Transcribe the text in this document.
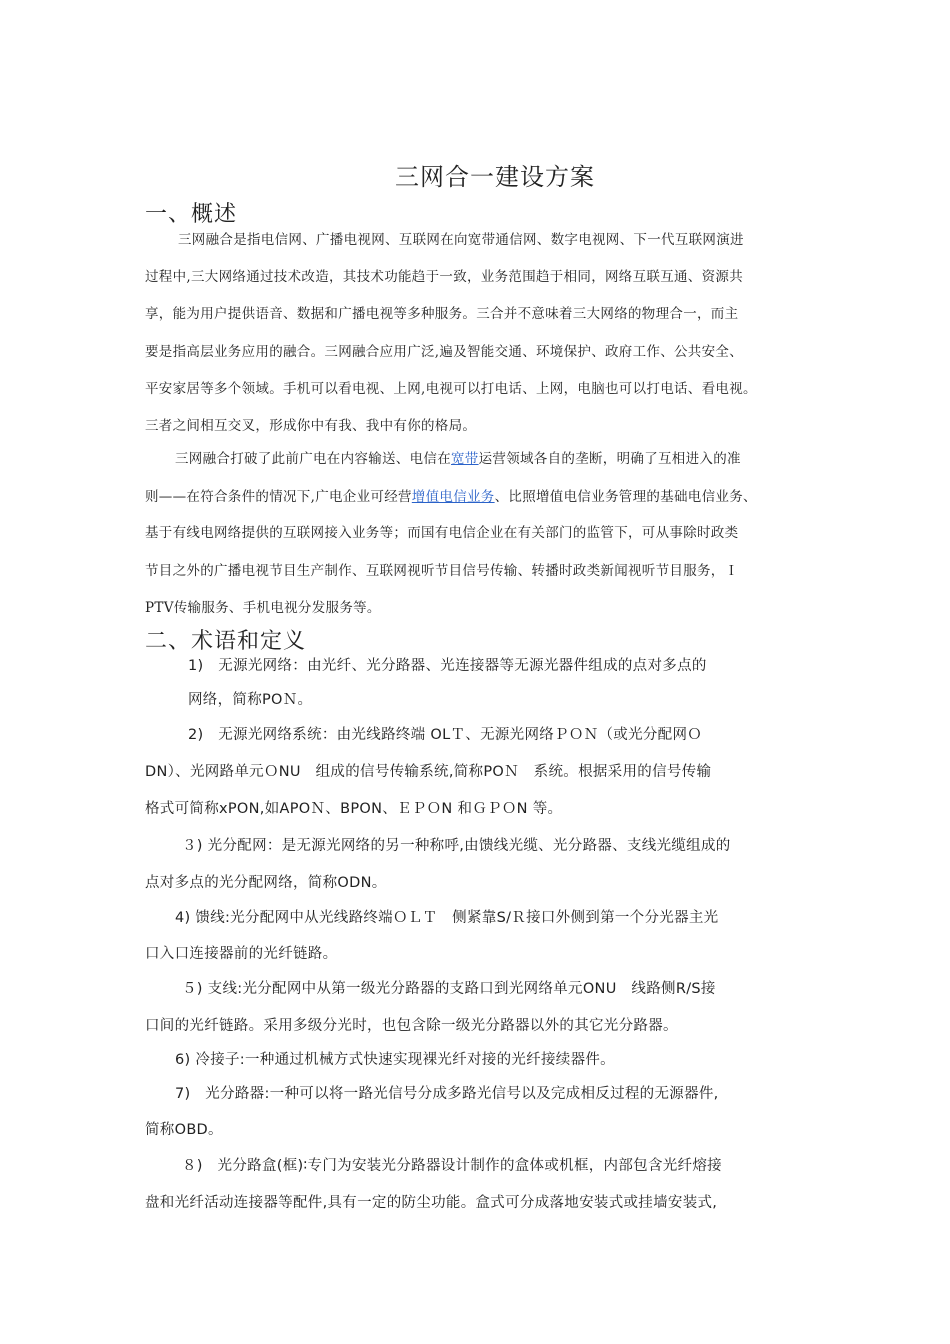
三网合一建设方案
一、概述
三网融合是指电信网、广播电视网、互联网在向宽带通信网、数字电视网、下一代互联网演进
过程中,三大网络通过技术改造，其技术功能趋于一致，业务范围趋于相同，网络互联互通、资源共
享，能为用户提供语音、数据和广播电视等多种服务。三合并不意味着三大网络的物理合一，而主
要是指高层业务应用的融合。三网融合应用广泛,遍及智能交通、环境保护、政府工作、公共安全、
平安家居等多个领域。手机可以看电视、上网,电视可以打电话、上网，电脑也可以打电话、看电视。
三者之间相互交叉，形成你中有我、我中有你的格局。
三网融合打破了此前广电在内容输送、电信在宽带运营领域各自的垄断，明确了互相进入的准
则——在符合条件的情况下,广电企业可经营增值电信业务、比照增值电信业务管理的基础电信业务、
基于有线电网络提供的互联网接入业务等；而国有电信企业在有关部门的监管下，可从事除时政类
节目之外的广播电视节目生产制作、互联网视听节目信号传输、转播时政类新闻视听节目服务，Ｉ
PTV传输服务、手机电视分发服务等。
二、术语和定义
1)　无源光网络：由光纤、光分路器、光连接器等无源光器件组成的点对多点的
网络，简称POＮ。
2)　无源光网络系统：由光线路终端 OLＴ、无源光网络ＰＯＮ（或光分配网Ｏ
DN）、光网路单元ＯNU　组成的信号传输系统,简称POＮ　系统。根据采用的信号传输
格式可简称xPON,如APOＮ、BPON、ＥＰＯN 和ＧＰＯN 等。
３) 光分配网：是无源光网络的另一种称呼,由馈线光缆、光分路器、支线光缆组成的
点对多点的光分配网络，简称ODN。
4) 馈线:光分配网中从光线路终端ＯＬＴ　侧紧靠S/Ｒ接口外侧到第一个分光器主光
口入口连接器前的光纤链路。
５) 支线:光分配网中从第一级光分路器的支路口到光网络单元ONU　线路侧R/S接
口间的光纤链路。采用多级分光时，也包含除一级光分路器以外的其它光分路器。
6) 冷接子:一种通过机械方式快速实现裸光纤对接的光纤接续器件。
7)　光分路器:一种可以将一路光信号分成多路光信号以及完成相反过程的无源器件,
简称OBD。
８)　光分路盒(框)∶专门为安装光分路器设计制作的盒体或机框，内部包含光纤熔接
盘和光纤活动连接器等配件,具有一定的防尘功能。盒式可分成落地安装式或挂墙安装式,
